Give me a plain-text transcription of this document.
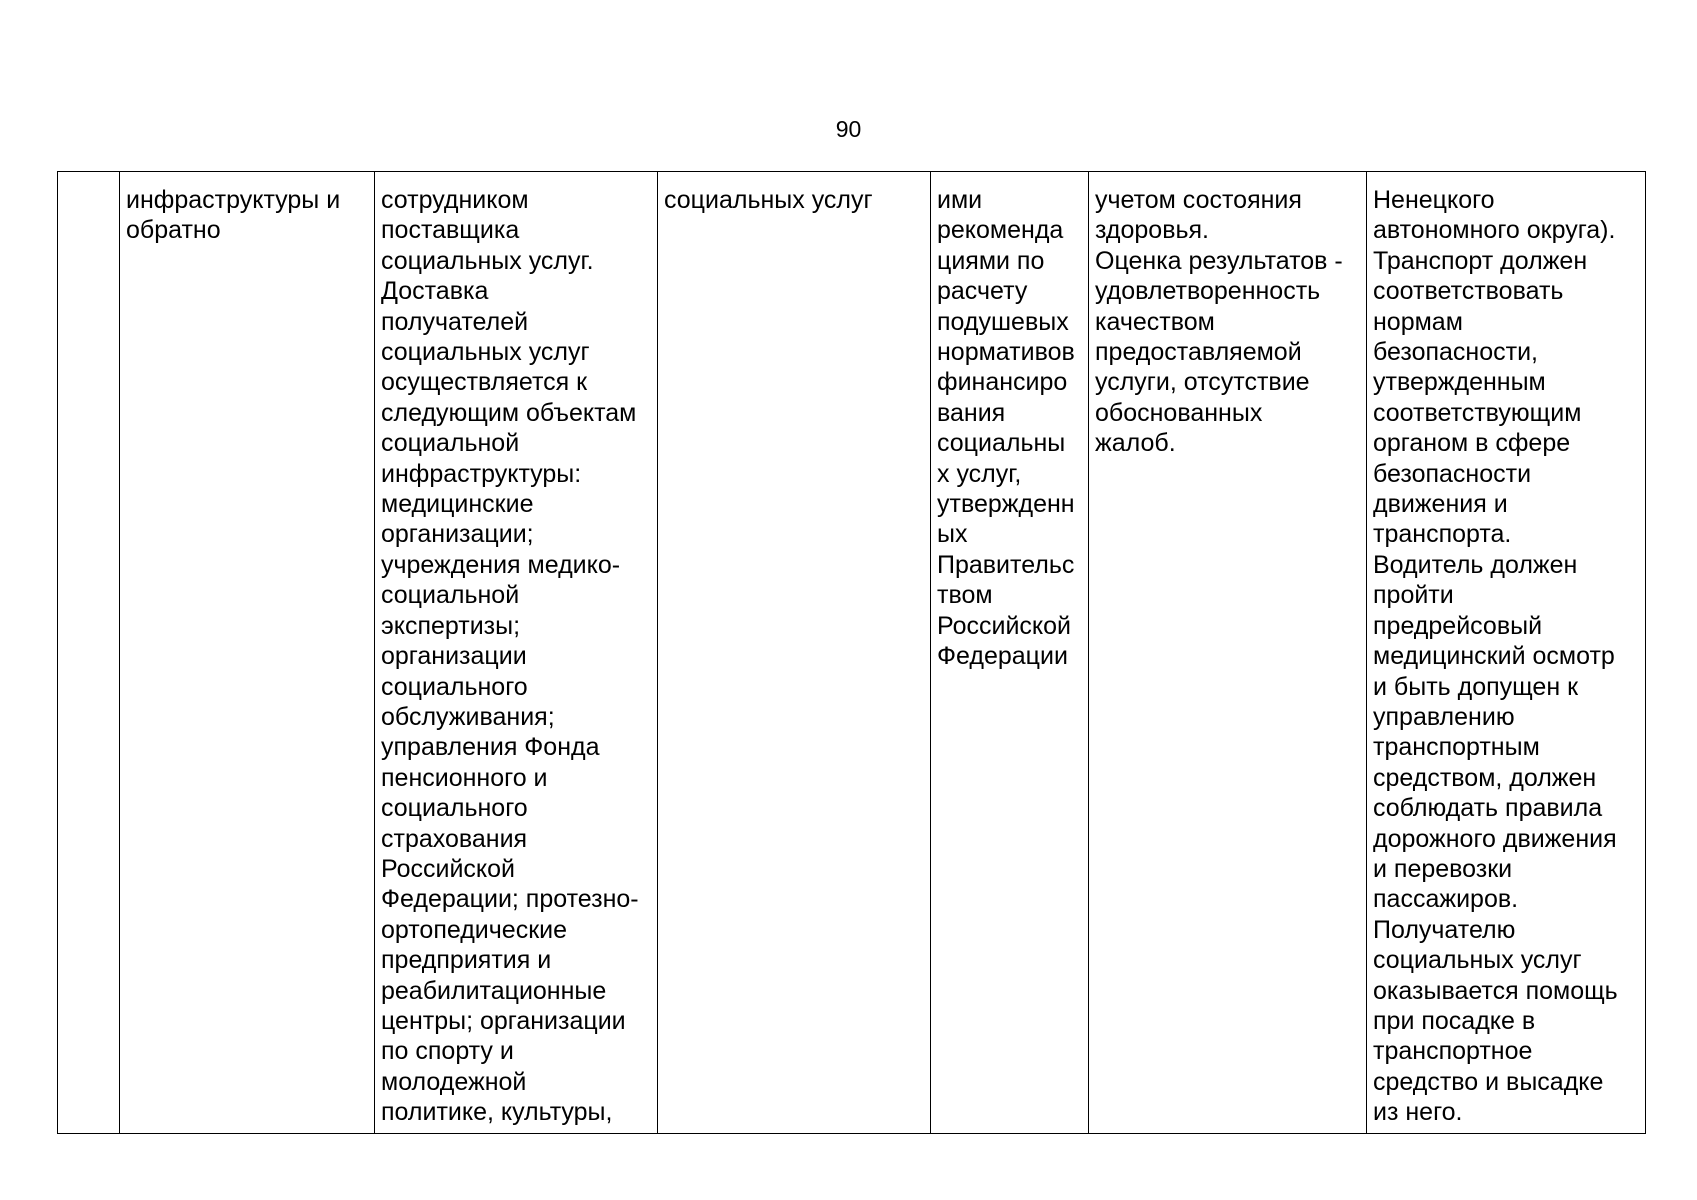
90
	инфраструктуры и
обратно	сотрудником
поставщика
социальных услуг.
Доставка
получателей
социальных услуг
осуществляется к
следующим объектам
социальной
инфраструктуры:
медицинские
организации;
учреждения медико-
социальной
экспертизы;
организации
социального
обслуживания;
управления Фонда
пенсионного и
социального
страхования
Российской
Федерации; протезно-
ортопедические
предприятия и
реабилитационные
центры; организации
по спорту и
молодежной
политике, культуры,	социальных услуг	ими
рекоменда
циями по
расчету
подушевых
нормативов
финансиро
вания
социальны
х услуг,
утвержденн
ых
Правительс
твом
Российской
Федерации	учетом состояния
здоровья.
Оценка результатов -
удовлетворенность
качеством
предоставляемой
услуги, отсутствие
обоснованных
жалоб.	Ненецкого
автономного округа).
Транспорт должен
соответствовать
нормам
безопасности,
утвержденным
соответствующим
органом в сфере
безопасности
движения и
транспорта.
Водитель должен
пройти
предрейсовый
медицинский осмотр
и быть допущен к
управлению
транспортным
средством, должен
соблюдать правила
дорожного движения
и перевозки
пассажиров.
Получателю
социальных услуг
оказывается помощь
при посадке в
транспортное
средство и высадке
из него.
